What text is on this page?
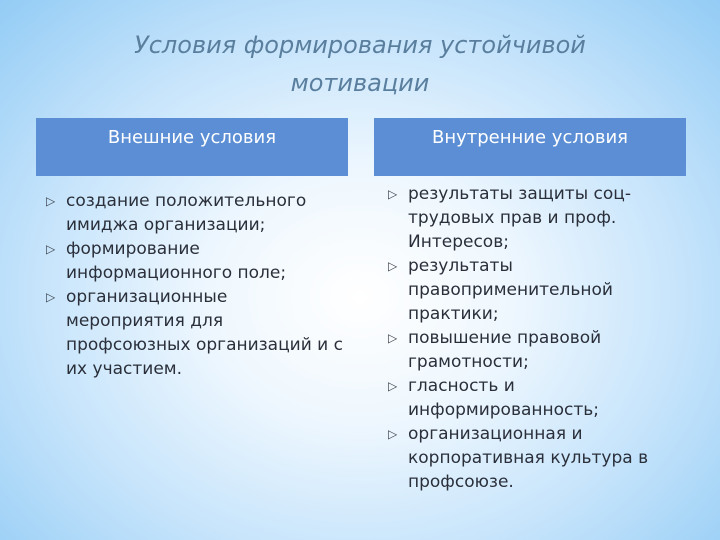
Условия формирования устойчивой
мотивации
Внешние условия	Внутренние условия
▷ создание положительного имиджа организации;
▷ формирование информационного поле;
▷ организационные мероприятия для профсоюзных организаций и с их участием.
▷ результаты защиты соц-трудовых прав и проф. Интересов;
▷ результаты правоприменительной практики;
▷ повышение правовой грамотности;
▷ гласность и информированность;
▷ организационная и корпоративная культура в профсоюзе.
